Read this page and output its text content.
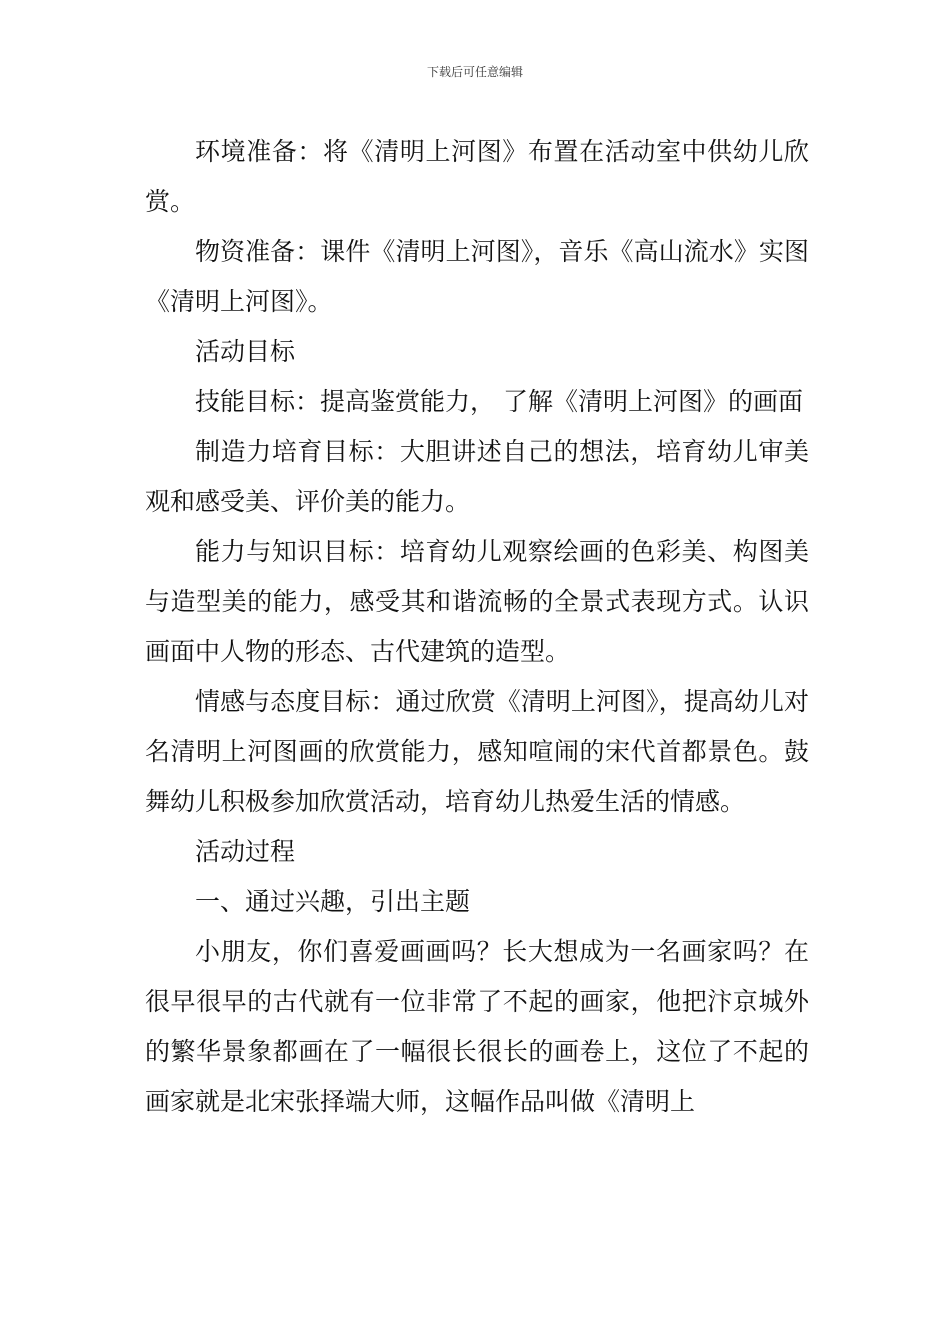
下载后可任意编辑

环境准备：将《清明上河图》布置在活动室中供幼儿欣赏。

物资准备：课件《清明上河图》，音乐《高山流水》实图《清明上河图》。

活动目标

技能目标：提高鉴赏能力， 了解《清明上河图》的画面

制造力培育目标：大胆讲述自己的想法，培育幼儿审美观和感受美、评价美的能力。

能力与知识目标：培育幼儿观察绘画的色彩美、构图美与造型美的能力，感受其和谐流畅的全景式表现方式。认识画面中人物的形态、古代建筑的造型。

情感与态度目标：通过欣赏《清明上河图》，提高幼儿对名清明上河图画的欣赏能力，感知喧闹的宋代首都景色。鼓舞幼儿积极参加欣赏活动，培育幼儿热爱生活的情感。

活动过程

一、通过兴趣，引出主题

小朋友，你们喜爱画画吗？长大想成为一名画家吗？在很早很早的古代就有一位非常了不起的画家，他把汴京城外的繁华景象都画在了一幅很长很长的画卷上，这位了不起的画家就是北宋张择端大师，这幅作品叫做《清明上
